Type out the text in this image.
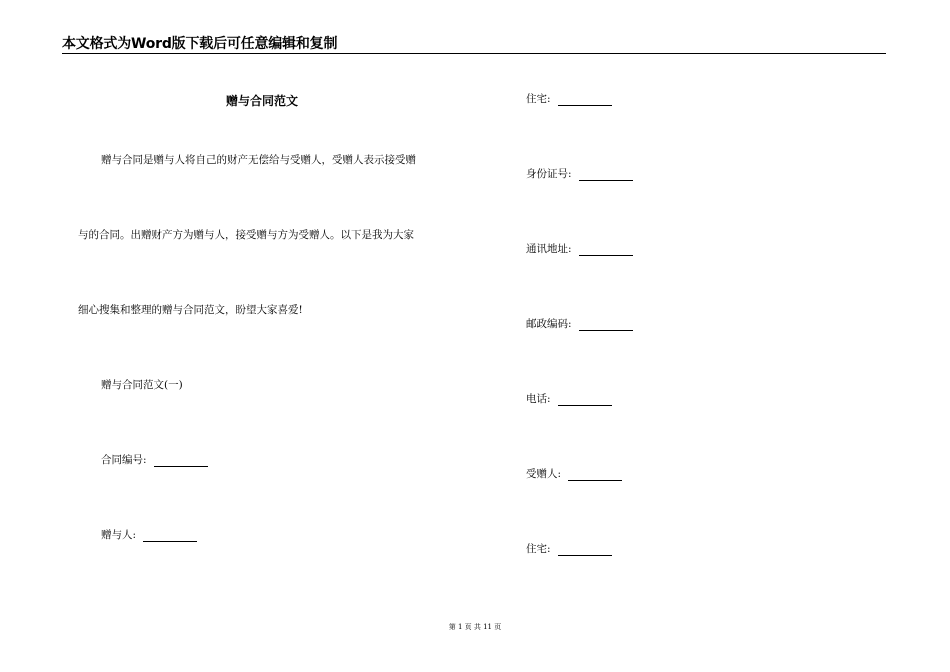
本文格式为Word版下载后可任意编辑和复制
赠与合同范文
赠与合同是赠与人将自己的财产无偿给与受赠人，受赠人表示接受赠
与的合同。出赠财产方为赠与人，接受赠与方为受赠人。以下是我为大家
细心搜集和整理的赠与合同范文，盼望大家喜爱!
赠与合同范文(一)
合同编号:
赠与人:
住宅:
身份证号:
通讯地址:
邮政编码:
电话:
受赠人:
住宅:
第 1 页 共 11 页
